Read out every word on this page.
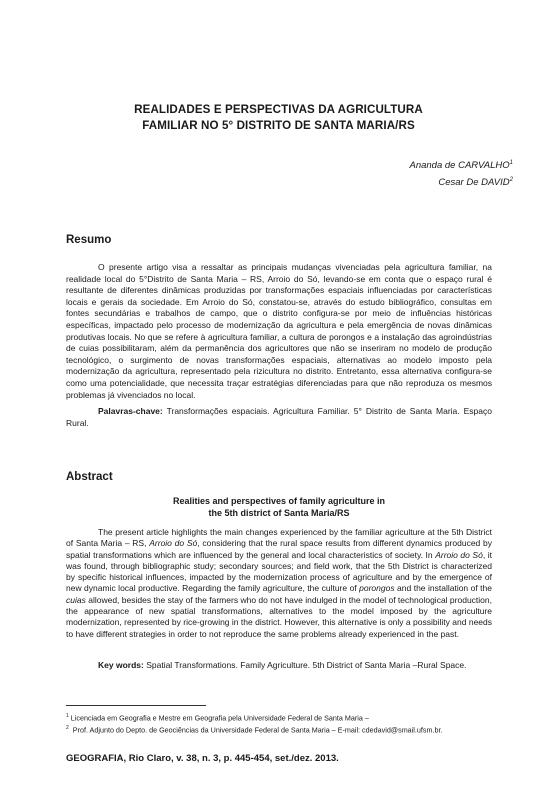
REALIDADES E PERSPECTIVAS DA AGRICULTURA
FAMILIAR NO 5° DISTRITO DE SANTA MARIA/RS
Ananda de CARVALHO$^1$
Cesar De DAVID$^2$
Resumo

O presente artigo visa a ressaltar as principais mudanças vivenciadas pela agricultura familiar, na realidade local do 5°Distrito de Santa Maria – RS, Arroio do Só, levando-se em conta que o espaço rural é resultante de diferentes dinâmicas produzidas por transformações espaciais influenciadas por características locais e gerais da sociedade. Em Arroio do Só, constatou-se, através do estudo bibliográfico, consultas em fontes secundárias e trabalhos de campo, que o distrito configura-se por meio de influências históricas específicas, impactado pelo processo de modernização da agricultura e pela emergência de novas dinâmicas produtivas locais. No que se refere à agricultura familiar, a cultura de porongos e a instalação das agroindústrias de cuias possibilitaram, além da permanência dos agricultores que não se inseriram no modelo de produção tecnológico, o surgimento de novas transformações espaciais, alternativas ao modelo imposto pela modernização da agricultura, representado pela rizicultura no distrito. Entretanto, essa alternativa configura-se como uma potencialidade, que necessita traçar estratégias diferenciadas para que não reproduza os mesmos problemas já vivenciados no local.

Palavras-chave: Transformações espaciais. Agricultura Familiar. 5° Distrito de Santa Maria. Espaço Rural.

Abstract
Realities and perspectives of family agriculture in
the 5th district of Santa Maria/RS

The present article highlights the main changes experienced by the familiar agriculture at the 5th District of Santa Maria – RS, Arroio do Só, considering that the rural space results from different dynamics produced by spatial transformations which are influenced by the general and local characteristics of society. In Arroio do Só, it was found, through bibliographic study; secondary sources; and field work, that the 5th District is characterized by specific historical influences, impacted by the modernization process of agriculture and by the emergence of new dynamic local productive. Regarding the family agriculture, the culture of porongos and the installation of the cuias allowed, besides the stay of the farmers who do not have indulged in the model of technological production, the appearance of new spatial transformations, alternatives to the model imposed by the agriculture modernization, represented by rice-growing in the district. However, this alternative is only a possibility and needs to have different strategies in order to not reproduce the same problems already experienced in the past.

Key words: Spatial Transformations. Family Agriculture. 5th District of Santa Maria –Rural Space.

$^1$ Licenciada em Geografia e Mestre em Geografia pela Universidade Federal de Santa Maria –

$^2$ Prof. Adjunto do Depto. de Geociências da Universidade Federal de Santa Maria – E-mail: cdedavid@smail.ufsm.br.

GEOGRAFIA, Rio Claro, v. 38, n. 3, p. 445-454, set./dez. 2013.
